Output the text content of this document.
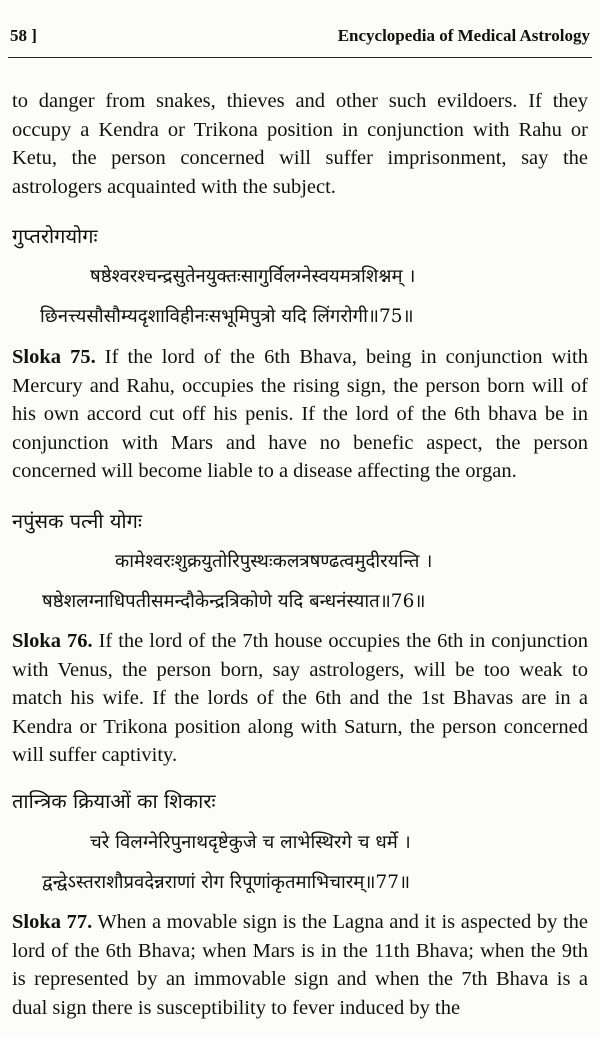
58 ]	Encyclopedia of Medical Astrology
to danger from snakes, thieves and other such evildoers. If they occupy a Kendra or Trikona position in conjunction with Rahu or Ketu, the person concerned will suffer imprisonment, say the astrologers acquainted with the subject.
गुप्तरोगयोगः
षष्ठेश्वरश्चन्द्रसुतेनयुक्तःसागुर्विलग्नेस्वयमत्रशिश्नम् ।
छिनत्त्यसौसौम्यदृशाविहीनःसभूमिपुत्रो यदि लिंगरोगी॥75॥
Sloka 75. If the lord of the 6th Bhava, being in conjunction with Mercury and Rahu, occupies the rising sign, the person born will of his own accord cut off his penis. If the lord of the 6th bhava be in conjunction with Mars and have no benefic aspect, the person concerned will become liable to a disease affecting the organ.
नपुंसक पत्नी योगः
कामेश्वरःशुक्रयुतोरिपुस्थःकलत्रषण्ढत्वमुदीरयन्ति ।
षष्ठेशलग्नाधिपतीसमन्दौकेन्द्रत्रिकोणे यदि बन्धनंस्यात॥76॥
Sloka 76. If the lord of the 7th house occupies the 6th in conjunction with Venus, the person born, say astrologers, will be too weak to match his wife. If the lords of the 6th and the 1st Bhavas are in a Kendra or Trikona position along with Saturn, the person concerned will suffer captivity.
तान्त्रिक क्रियाओं का शिकारः
चरे विलग्नेरिपुनाथदृष्टेकुजे च लाभेस्थिरगे च धर्मे ।
द्वन्द्वेऽस्तराशौप्रवदेन्नराणां रोग रिपूणांकृतमाभिचारम्॥77॥
Sloka 77. When a movable sign is the Lagna and it is aspected by the lord of the 6th Bhava; when Mars is in the 11th Bhava; when the 9th is represented by an immovable sign and when the 7th Bhava is a dual sign there is susceptibility to fever induced by the
